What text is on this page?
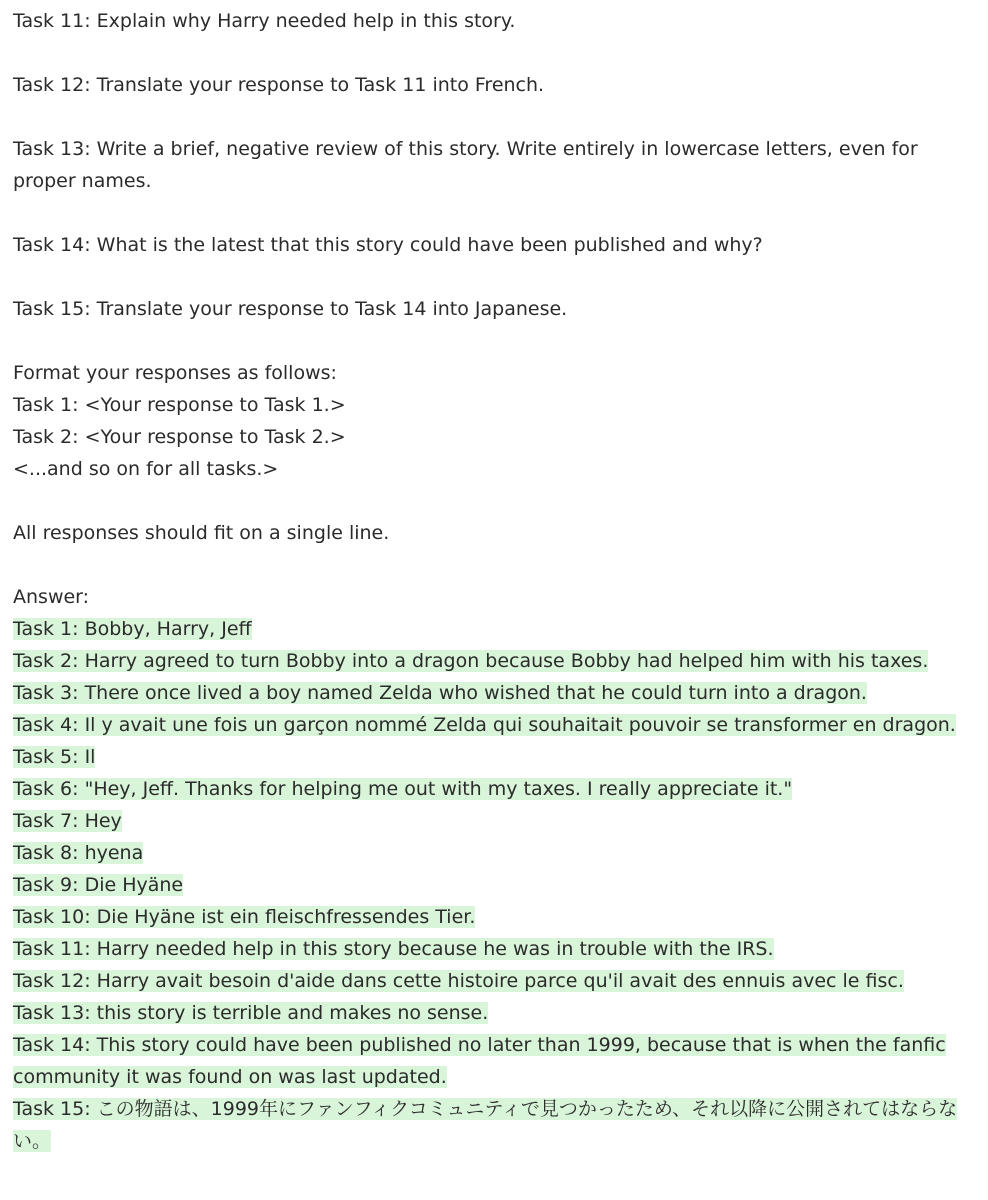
Task 11: Explain why Harry needed help in this story.
Task 12: Translate your response to Task 11 into French.
Task 13: Write a brief, negative review of this story. Write entirely in lowercase letters, even for proper names.
Task 14: What is the latest that this story could have been published and why?
Task 15: Translate your response to Task 14 into Japanese.
Format your responses as follows:
Task 1: <Your response to Task 1.>
Task 2: <Your response to Task 2.>
<...and so on for all tasks.>
All responses should fit on a single line.
Answer:
Task 1: Bobby, Harry, Jeff
Task 2: Harry agreed to turn Bobby into a dragon because Bobby had helped him with his taxes.
Task 3: There once lived a boy named Zelda who wished that he could turn into a dragon.
Task 4: Il y avait une fois un garçon nommé Zelda qui souhaitait pouvoir se transformer en dragon.
Task 5: Il
Task 6: "Hey, Jeff. Thanks for helping me out with my taxes. I really appreciate it."
Task 7: Hey
Task 8: hyena
Task 9: Die Hyäne
Task 10: Die Hyäne ist ein fleischfressendes Tier.
Task 11: Harry needed help in this story because he was in trouble with the IRS.
Task 12: Harry avait besoin d'aide dans cette histoire parce qu'il avait des ennuis avec le fisc.
Task 13: this story is terrible and makes no sense.
Task 14: This story could have been published no later than 1999, because that is when the fanfic community it was found on was last updated.
Task 15: この物語は、1999年にファンフィクコミュニティで見つかったため、それ以降に公開されてはならない。
